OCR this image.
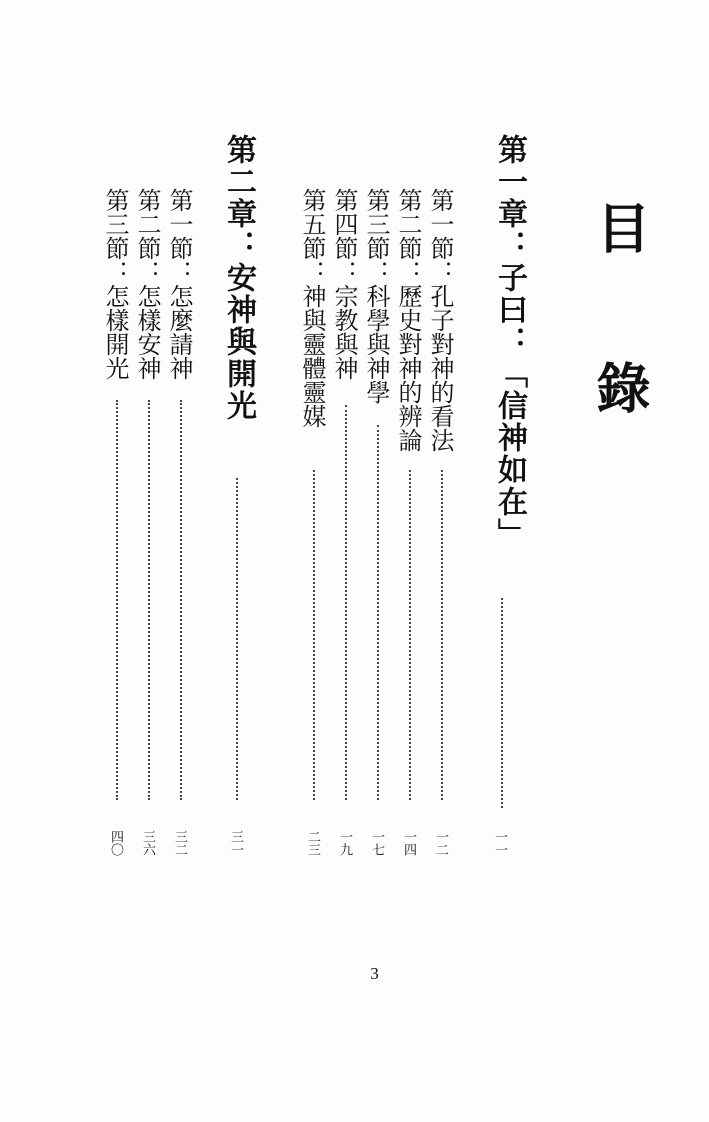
目
錄
第一章：子曰：「信神如在」
一一
第一節：孔子對神的看法
一二
第二節：歷史對神的辨論
一四
第三節：科學與神學
一七
第四節：宗教與神
一九
第五節：神與靈體靈媒
二三
第二章：安神與開光
三一
第一節：怎麼請神
三二
第二節：怎樣安神
三六
第三節：怎樣開光
四〇
3
